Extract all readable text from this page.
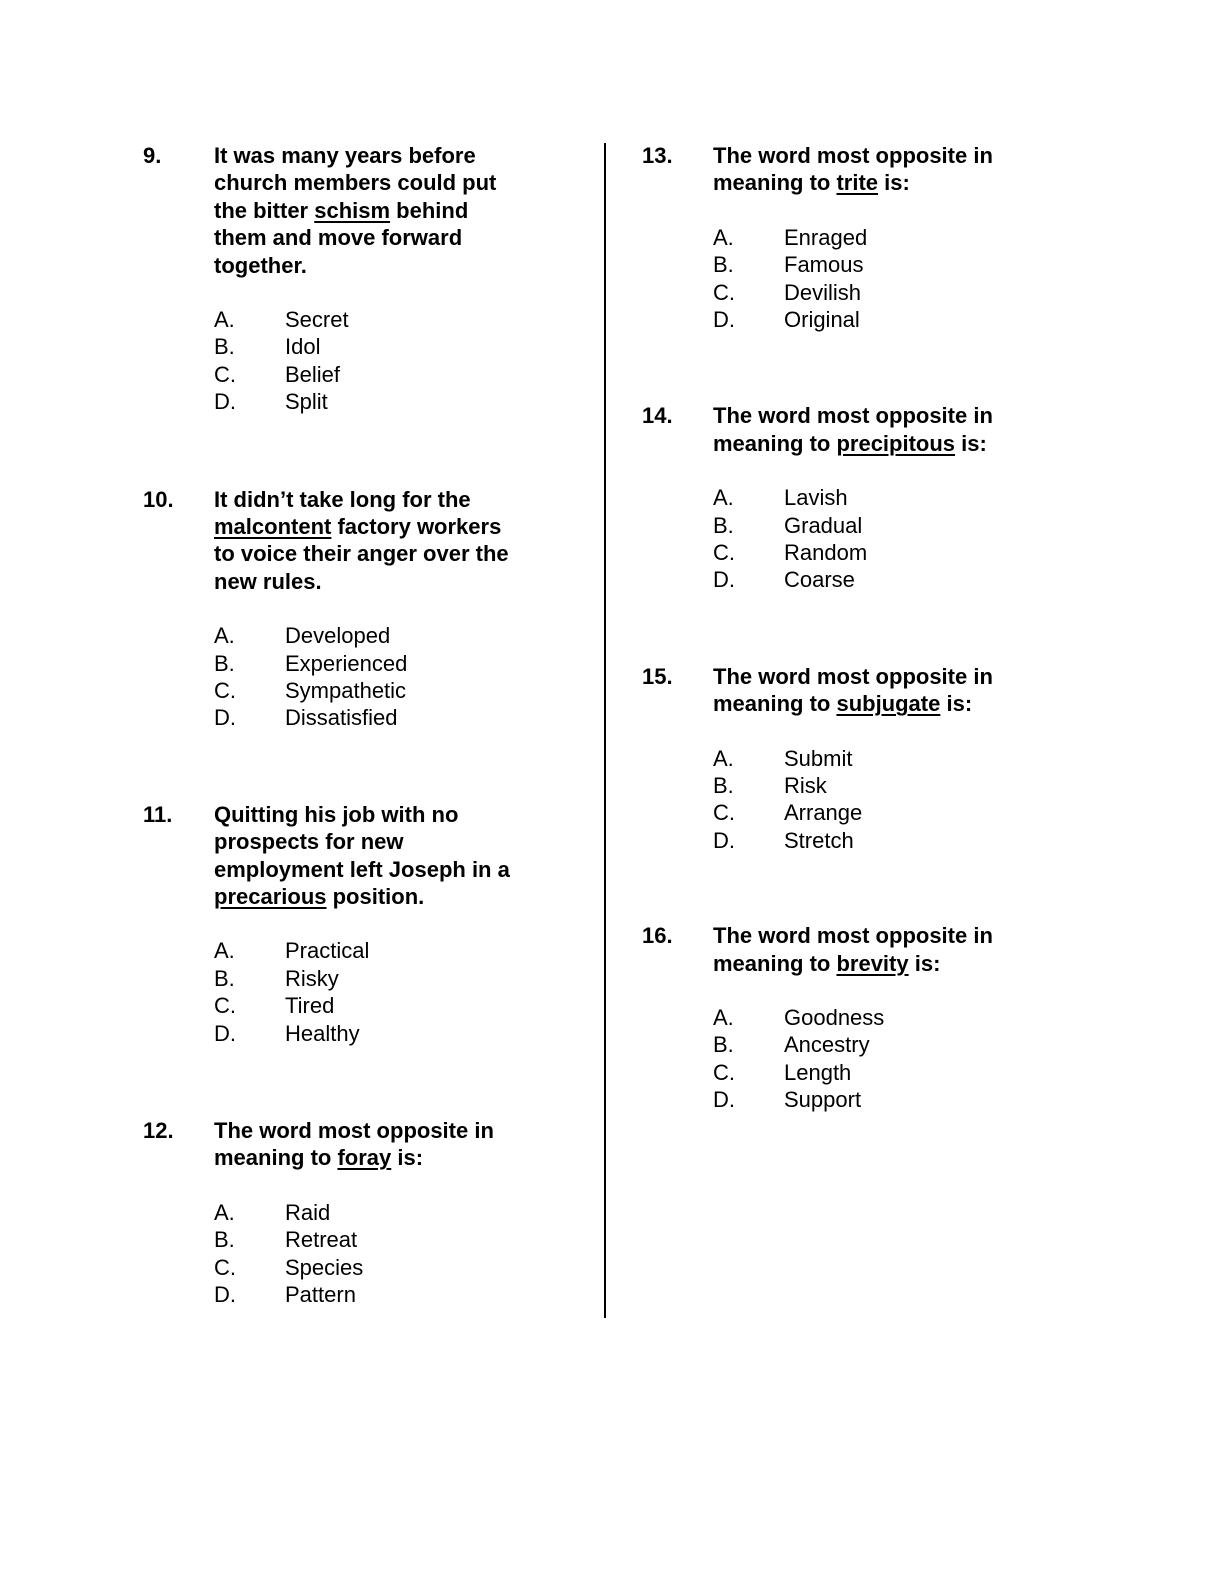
9. It was many years before
church members could put
the bitter schism behind
them and move forward
together.
A. Secret
B. Idol
C. Belief
D. Split
10. It didn’t take long for the
malcontent factory workers
to voice their anger over the
new rules.
A. Developed
B. Experienced
C. Sympathetic
D. Dissatisfied
11. Quitting his job with no
prospects for new
employment left Joseph in a
precarious position.
A. Practical
B. Risky
C. Tired
D. Healthy
12. The word most opposite in
meaning to foray is:
A. Raid
B. Retreat
C. Species
D. Pattern
13. The word most opposite in
meaning to trite is:
A. Enraged
B. Famous
C. Devilish
D. Original
14. The word most opposite in
meaning to precipitous is:
A. Lavish
B. Gradual
C. Random
D. Coarse
15. The word most opposite in
meaning to subjugate is:
A. Submit
B. Risk
C. Arrange
D. Stretch
16. The word most opposite in
meaning to brevity is:
A. Goodness
B. Ancestry
C. Length
D. Support
